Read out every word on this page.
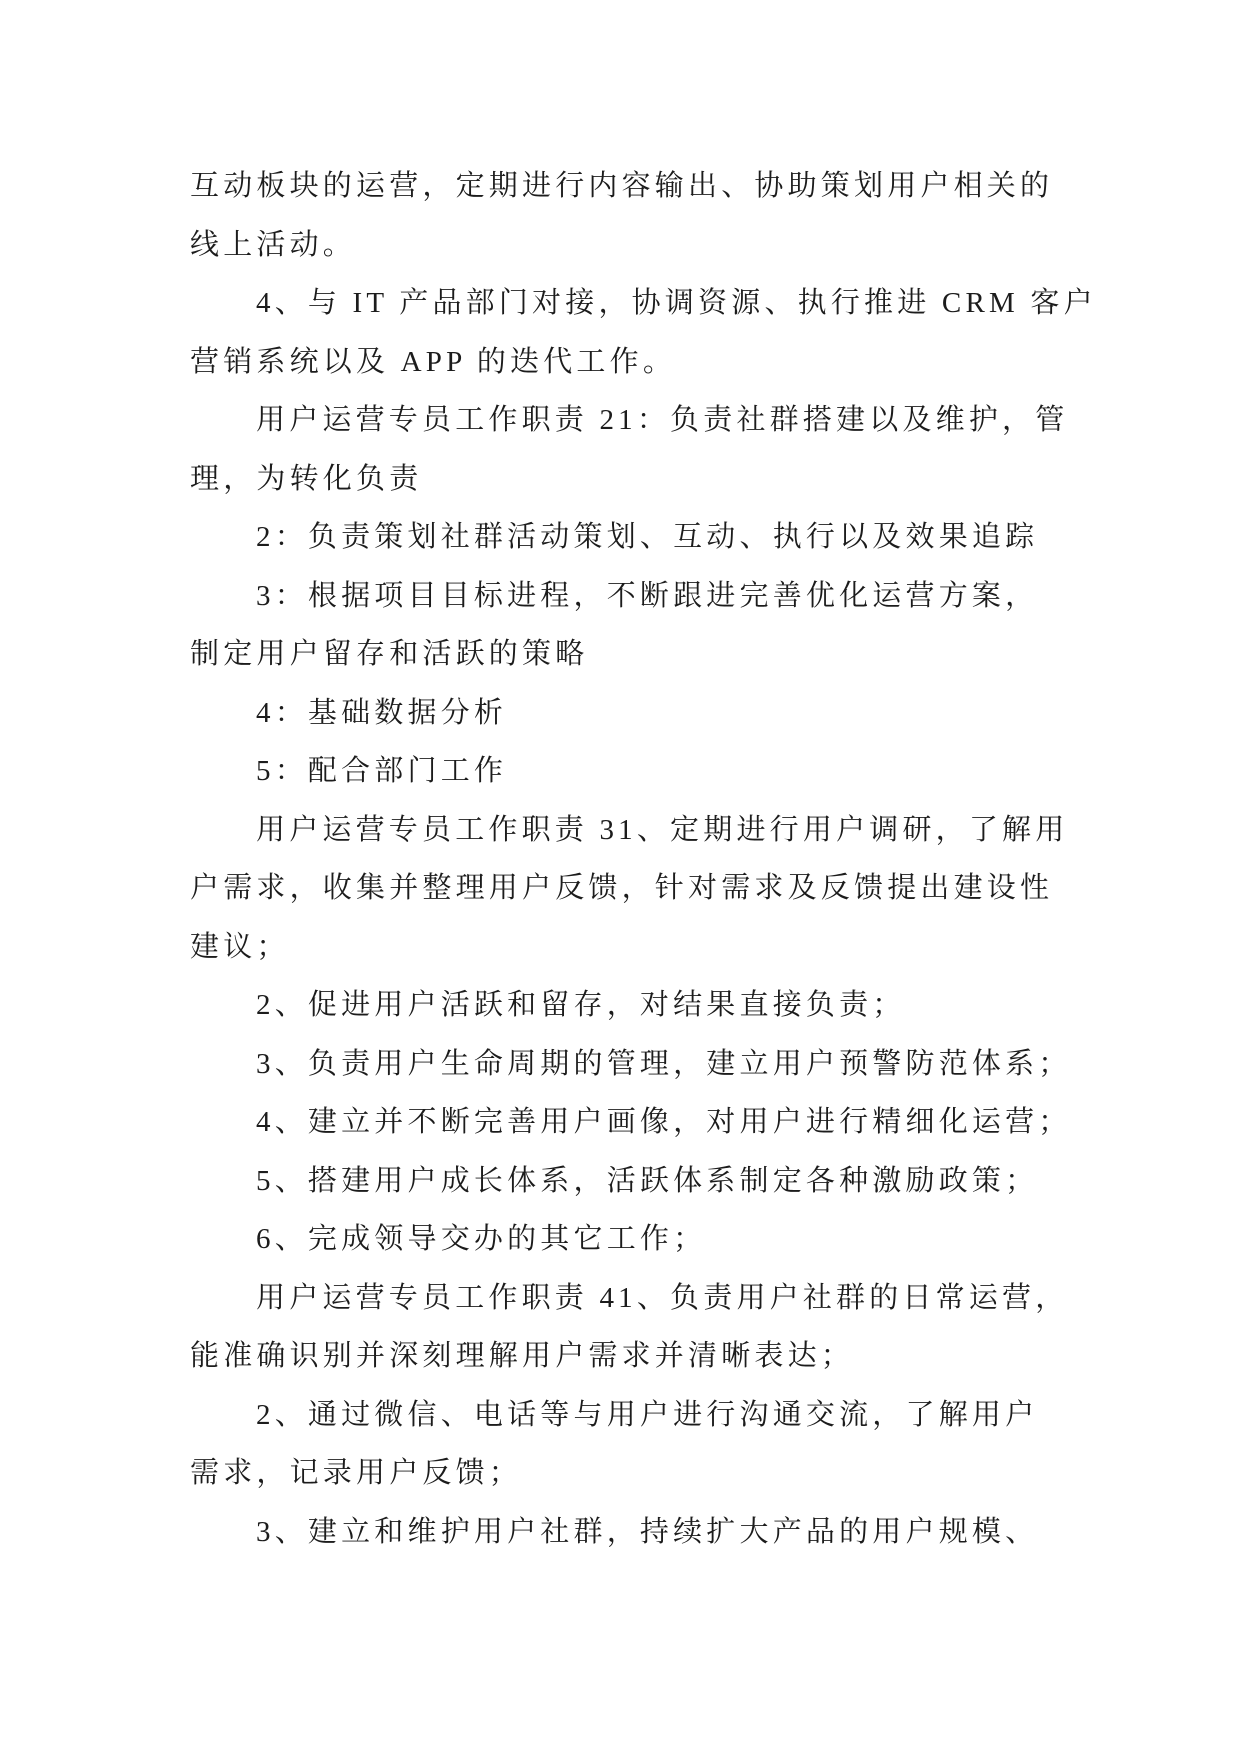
互动板块的运营，定期进行内容输出、协助策划用户相关的
线上活动。
4、与 IT 产品部门对接，协调资源、执行推进 CRM 客户
营销系统以及 APP 的迭代工作。
用户运营专员工作职责 21：负责社群搭建以及维护，管
理，为转化负责
2：负责策划社群活动策划、互动、执行以及效果追踪
3：根据项目目标进程，不断跟进完善优化运营方案，
制定用户留存和活跃的策略
4：基础数据分析
5：配合部门工作
用户运营专员工作职责 31、定期进行用户调研，了解用
户需求，收集并整理用户反馈，针对需求及反馈提出建设性
建议；
2、促进用户活跃和留存，对结果直接负责；
3、负责用户生命周期的管理，建立用户预警防范体系；
4、建立并不断完善用户画像，对用户进行精细化运营；
5、搭建用户成长体系，活跃体系制定各种激励政策；
6、完成领导交办的其它工作；
用户运营专员工作职责 41、负责用户社群的日常运营，
能准确识别并深刻理解用户需求并清晰表达；
2、通过微信、电话等与用户进行沟通交流，了解用户
需求，记录用户反馈；
3、建立和维护用户社群，持续扩大产品的用户规模、
